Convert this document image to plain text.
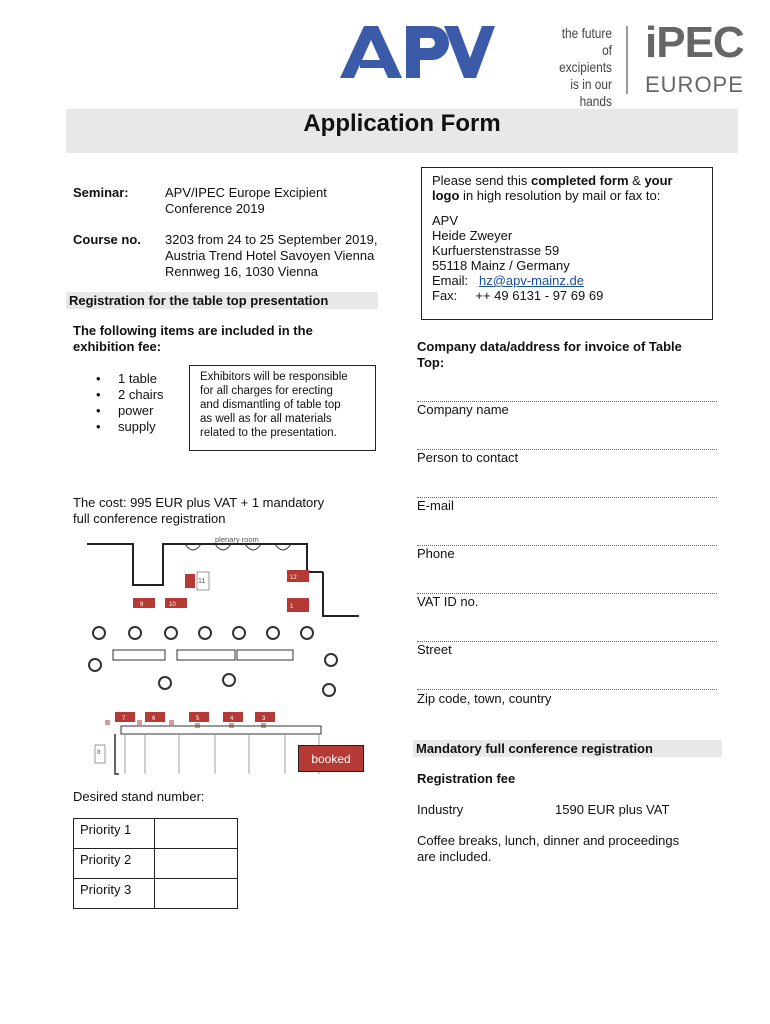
the future of
excipients
is in our hands
iPEC
EUROPE
Application Form
Seminar:	APV/IPEC Europe Excipient
Conference 2019
Course no. 3203 from 24 to 25 September 2019,
Austria Trend Hotel Savoyen Vienna
Rennweg 16, 1030 Vienna
Registration for the table top presentation
The following items are included in the
exhibition fee:
• 1 table
• 2 chairs
• power
• supply
Exhibitors will be responsible
for all charges for erecting
and dismantling of table top
as well as for all materials
related to the presentation.
The cost: 995 EUR plus VAT + 1 mandatory
full conference registration
plenary room
11	12
9	10	1
7	6	5	4	3
8	booked
Desired stand number:
Priority 1	
Priority 2	
Priority 3	
Please send this completed form & your
logo in high resolution by mail or fax to:
APV
Heide Zweyer
Kurfuerstenstrasse 59
55118 Mainz / Germany
Email: hz@apv-mainz.de
Fax: ++ 49 6131 - 97 69 69
Company data/address for invoice of Table
Top:
Company name
Person to contact
E-mail
Phone
VAT ID no.
Street
Zip code, town, country
Mandatory full conference registration
Registration fee
Industry	1590 EUR plus VAT
Coffee breaks, lunch, dinner and proceedings
are included.
